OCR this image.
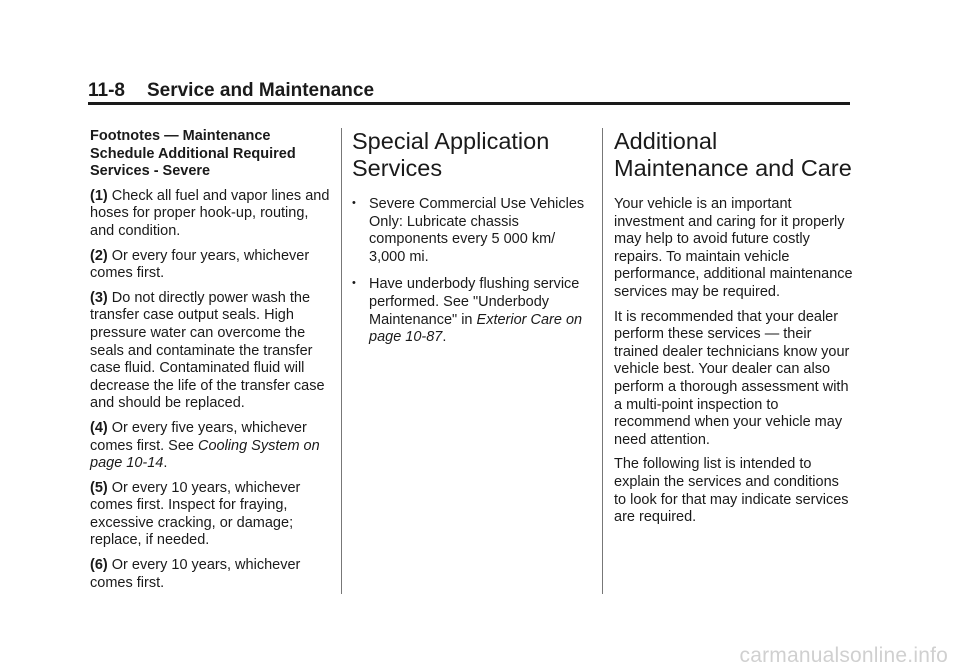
11-8 Service and Maintenance

Footnotes — Maintenance Schedule Additional Required Services - Severe

(1) Check all fuel and vapor lines and hoses for proper hook-up, routing, and condition.

(2) Or every four years, whichever comes first.

(3) Do not directly power wash the transfer case output seals. High pressure water can overcome the seals and contaminate the transfer case fluid. Contaminated fluid will decrease the life of the transfer case and should be replaced.

(4) Or every five years, whichever comes first. See Cooling System on page 10-14.

(5) Or every 10 years, whichever comes first. Inspect for fraying, excessive cracking, or damage; replace, if needed.

(6) Or every 10 years, whichever comes first.

Special Application Services
• Severe Commercial Use Vehicles Only: Lubricate chassis components every 5 000 km/ 3,000 mi.
• Have underbody flushing service performed. See "Underbody Maintenance" in Exterior Care on page 10-87.
Additional Maintenance and Care

Your vehicle is an important investment and caring for it properly may help to avoid future costly repairs. To maintain vehicle performance, additional maintenance services may be required.

It is recommended that your dealer perform these services — their trained dealer technicians know your vehicle best. Your dealer can also perform a thorough assessment with a multi-point inspection to recommend when your vehicle may need attention.

The following list is intended to explain the services and conditions to look for that may indicate services are required.

carmanualsonline.info
